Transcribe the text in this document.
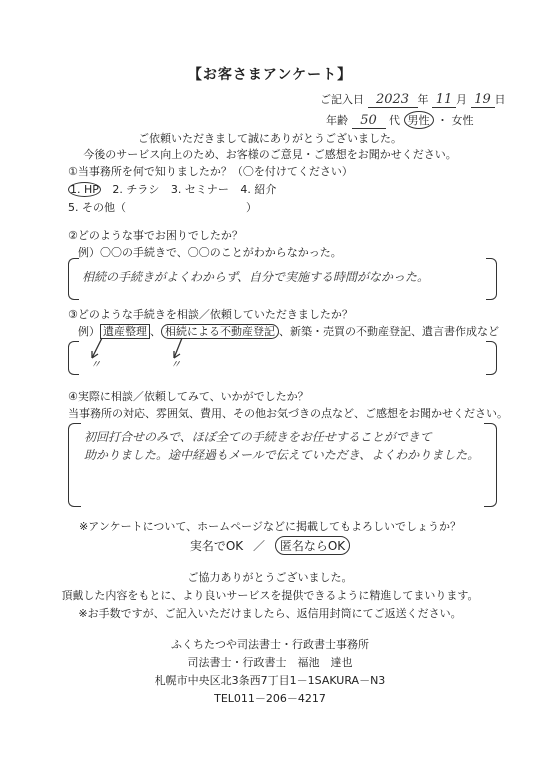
【お客さまアンケート】
ご記入日 2023 年 11 月 19 日
年齢 50 代 男性 ・ 女性
ご依頼いただきまして誠にありがとうございました。
今後のサービス向上のため、お客様のご意見・ご感想をお聞かせください。
①当事務所を何で知りましたか？（〇を付けてください）
1. HP 2. チラシ 3. セミナー 4. 紹介
5. その他（	）
②どのような事でお困りでしたか？
例）〇〇の手続きで、〇〇のことがわからなかった。
相続の手続きがよくわからず、自分で実施する時間がなかった。
③どのような手続きを相談／依頼していただきましたか？
例） 遺産整理 、 相続による不動産登記 、新築・売買の不動産登記、遺言書作成など
〃	〃
④実際に相談／依頼してみて、いかがでしたか？
当事務所の対応、雰囲気、費用、その他お気づきの点など、ご感想をお聞かせください。
初回打合せのみで、ほぼ全ての手続きをお任せすることができて
助かりました。途中経過もメールで伝えていただき、よくわかりました。
※アンケートについて、ホームページなどに掲載してもよろしいでしょうか？
実名でOK ／ 匿名ならOK
ご協力ありがとうございました。
頂戴した内容をもとに、より良いサービスを提供できるように精進してまいります。
※お手数ですが、ご記入いただけましたら、返信用封筒にてご返送ください。
ふくちたつや司法書士・行政書士事務所
司法書士・行政書士　福池　達也
札幌市中央区北3条西7丁目1－1SAKURA－N3
TEL011－206－4217
